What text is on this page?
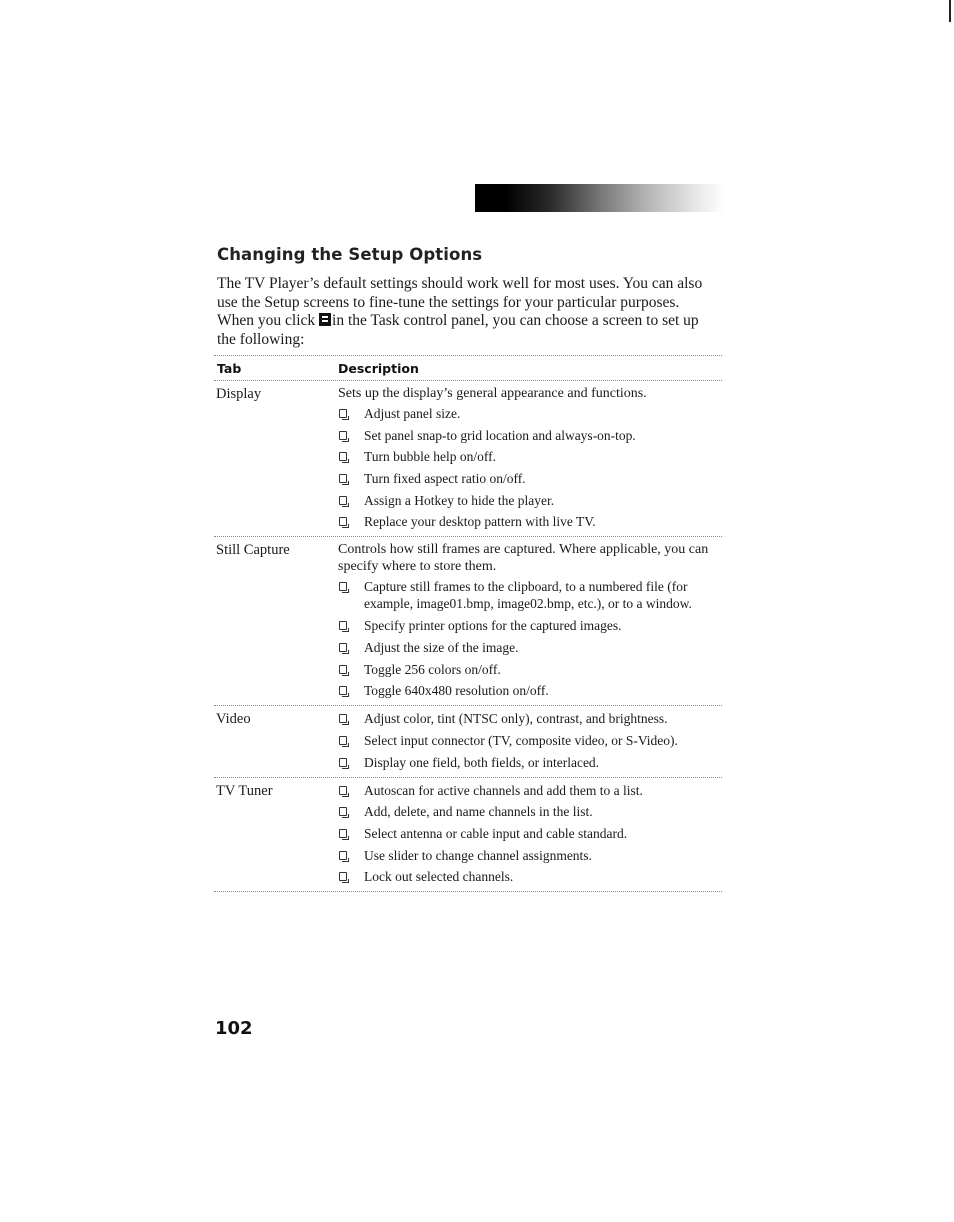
Changing the Setup Options

The TV Player’s default settings should work well for most uses. You can also use the Setup screens to fine-tune the settings for your particular purposes. When you click in the Task control panel, you can choose a screen to set up the following:

Tab	Description
Display	Sets up the display’s general appearance and functions.

Adjust panel size.
Set panel snap-to grid location and always-on-top.
Turn bubble help on/off.
Turn fixed aspect ratio on/off.
Assign a Hotkey to hide the player.
Replace your desktop pattern with live TV.
Still Capture	Controls how still frames are captured. Where applicable, you can specify where to store them.

Capture still frames to the clipboard, to a numbered file (for example, image01.bmp, image02.bmp, etc.), or to a window.
Specify printer options for the captured images.
Adjust the size of the image.
Toggle 256 colors on/off.
Toggle 640x480 resolution on/off.
Video	Adjust color, tint (NTSC only), contrast, and brightness.
Select input connector (TV, composite video, or S-Video).
Display one field, both fields, or interlaced.
TV Tuner	Autoscan for active channels and add them to a list.
Add, delete, and name channels in the list.
Select antenna or cable input and cable standard.
Use slider to change channel assignments.
Lock out selected channels.
102
